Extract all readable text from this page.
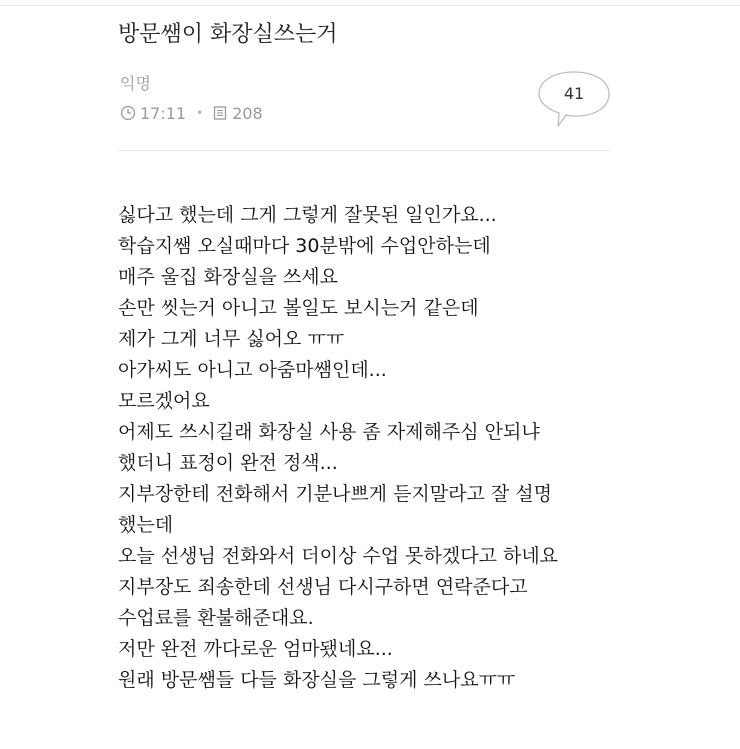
방문쌤이 화장실쓰는거
익명
17:11 • 208
41
싫다고 했는데 그게 그렇게 잘못된 일인가요...
학습지쌤 오실때마다 30분밖에 수업안하는데
매주 울집 화장실을 쓰세요
손만 씻는거 아니고 볼일도 보시는거 같은데
제가 그게 너무 싫어오 ㅠㅠ
아가씨도 아니고 아줌마쌤인데...
모르겠어요
어제도 쓰시길래 화장실 사용 좀 자제해주심 안되냐
했더니 표정이 완전 정색...
지부장한테 전화해서 기분나쁘게 듣지말라고 잘 설명
했는데
오늘 선생님 전화와서 더이상 수업 못하겠다고 하네요
지부장도 죄송한데 선생님 다시구하면 연락준다고
수업료를 환불해준대요.
저만 완전 까다로운 엄마됐네요...
원래 방문쌤들 다들 화장실을 그렇게 쓰나요ㅠㅠ
